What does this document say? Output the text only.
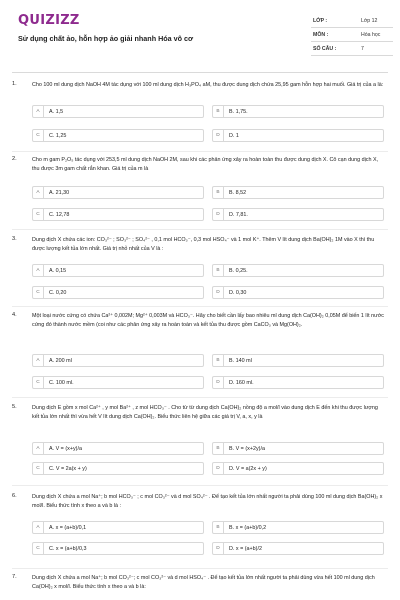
QUIZIZZ
Sử dụng chất ảo, hỗn hợp ảo giải nhanh Hóa vô cơ
LỚP :	Lớp 12
MÔN :	Hóa học
SỐ CÂU :	7
1.	Cho 100 ml dung dịch NaOH 4M tác dụng với 100 ml dung dịch H₃PO₄ aM, thu được dung dịch chứa 25,95 gam hỗn hợp hai muối. Giá trị của a là:
A	A. 1,5	B	B. 1,75.
C	C. 1,25	D	D. 1
2.	Cho m gam P₂O₅ tác dụng với 253,5 ml dung dịch NaOH 2M, sau khi các phản ứng xảy ra hoàn toàn thu được dung dịch X. Cô cạn dung dịch X, thu được 3m gam chất rắn khan. Giá trị của m là
A	A. 21,30	B	B. 8,52
C	C. 12,78	D	D. 7,81.
3.	Dung dịch X chứa các ion: CO₃²⁻ ; SO₃²⁻ ; SO₄²⁻ , 0,1 mol HCO₃⁻, 0,3 mol HSO₄⁻ và 1 mol K⁺. Thêm V lít dung dịch Ba(OH)₂ 1M vào X thì thu được lượng kết tủa lớn nhất. Giá trị nhỏ nhất của V là :
A	A. 0,15	B	B. 0,25.
C	C. 0,20	D	D. 0,30
4.	Một loại nước cứng có chứa Ca²⁺ 0,002M; Mg²⁺ 0,003M và HCO₃⁻. Hãy cho biết cần lấy bao nhiêu ml dung dịch Ca(OH)₂ 0,05M để biến 1 lít nước cứng đó thành nước mềm (coi như các phản ứng xảy ra hoàn toàn và kết tủa thu được gồm CaCO₃ và Mg(OH)₂.
A	A. 200 ml	B	B. 140 ml
C	C. 100 ml.	D	D. 160 ml.
5.	Dung dịch E gồm x mol Ca²⁺ , y mol Ba²⁺ , z mol HCO₃⁻ . Cho từ từ dung dịch Ca(OH)₂ nồng độ a mol/l vào dung dịch E đến khi thu được lượng kết tủa lớn nhất thì vừa hết V lít dung dịch Ca(OH)₂. Biểu thức liên hệ giữa các giá trị V, a, x, y là
A	A. V = (x+y)/a	B	B. V = (x+2y)/a
C	C. V = 2a(x + y)	D	D. V = a(2x + y)
6.	Dung dịch X chứa a mol Na⁺; b mol HCO₃⁻ ; c mol CO₃²⁻ và d mol SO₄²⁻ . Để tạo kết tủa lớn nhất người ta phải dùng 100 ml dung dịch Ba(OH)₂ x mol/l. Biểu thức tính x theo a và b là :
A	A. x = (a+b)/0,1	B	B. x = (a+b)/0,2
C	C. x = (a+b)/0,3	D	D. x = (a+b)/2
7.	Dung dịch X chứa a mol Na⁺; b mol CO₃²⁻; c mol CO₃²⁻ và d mol HSO₄⁻ . Để tạo kết tủa lớn nhất người ta phải dùng vừa hết 100 ml dung dịch Ca(OH)₂ x mol/l. Biểu thức tính x theo a và b là:
